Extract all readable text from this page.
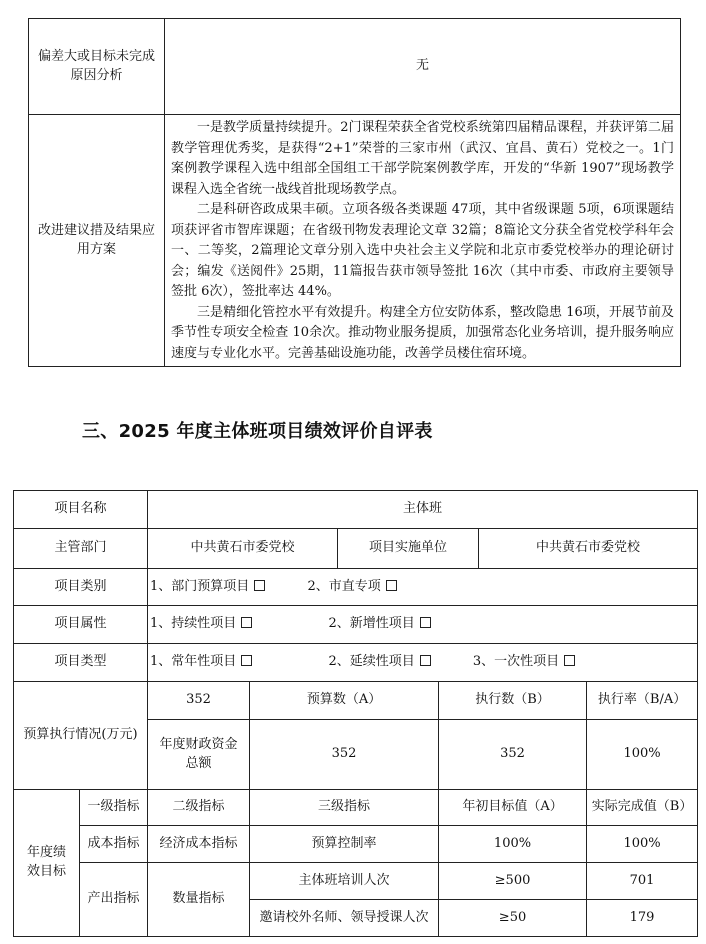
偏差大或目标未完成原因分析	无
改进建议措及结果应用方案	一是教学质量持续提升。2门课程荣获全省党校系统第四届精品课程，并获评第二届教学管理优秀奖，是获得“2+1”荣誉的三家市州（武汉、宜昌、黄石）党校之一。1门案例教学课程入选中组部全国组工干部学院案例教学库，开发的“华新 1907”现场教学课程入选全省统一战线首批现场教学点。

二是科研咨政成果丰硕。立项各级各类课题 47项，其中省级课题 5项，6项课题结项获评省市智库课题；在省级刊物发表理论文章 32篇；8篇论文分获全省党校学科年会一、二等奖，2篇理论文章分别入选中央社会主义学院和北京市委党校举办的理论研讨会；编发《送阅件》25期，11篇报告获市领导签批 16次（其中市委、市政府主要领导签批 6次），签批率达 44%。

三是精细化管控水平有效提升。构建全方位安防体系，整改隐患 16项，开展节前及季节性专项安全检查 10余次。推动物业服务提质，加强常态化业务培训，提升服务响应速度与专业化水平。完善基础设施功能，改善学员楼住宿环境。

三、2025 年度主体班项目绩效评价自评表
项目名称		主体班					
主管部门		中共黄石市委党校		项目实施单位		中共黄石市委党校	
项目类别		1、部门预算项目 2、市直专项					
项目属性		1、持续性项目 2、新增性项目					
项目类型		1、常年性项目 2、延续性项目 3、一次性项目					
预算执行情况(万元)		352	预算数（A）		执行数（B）		执行率（B/A）
		年度财政资金总额	352		352		100%
年度绩效目标	一级指标	二级指标	三级指标		年初目标值（A）		实际完成值（B）
	成本指标	经济成本指标	预算控制率		100%		100%
	产出指标	数量指标	主体班培训人次		≥500		701
			邀请校外名师、领导授课人次		≥50		179
